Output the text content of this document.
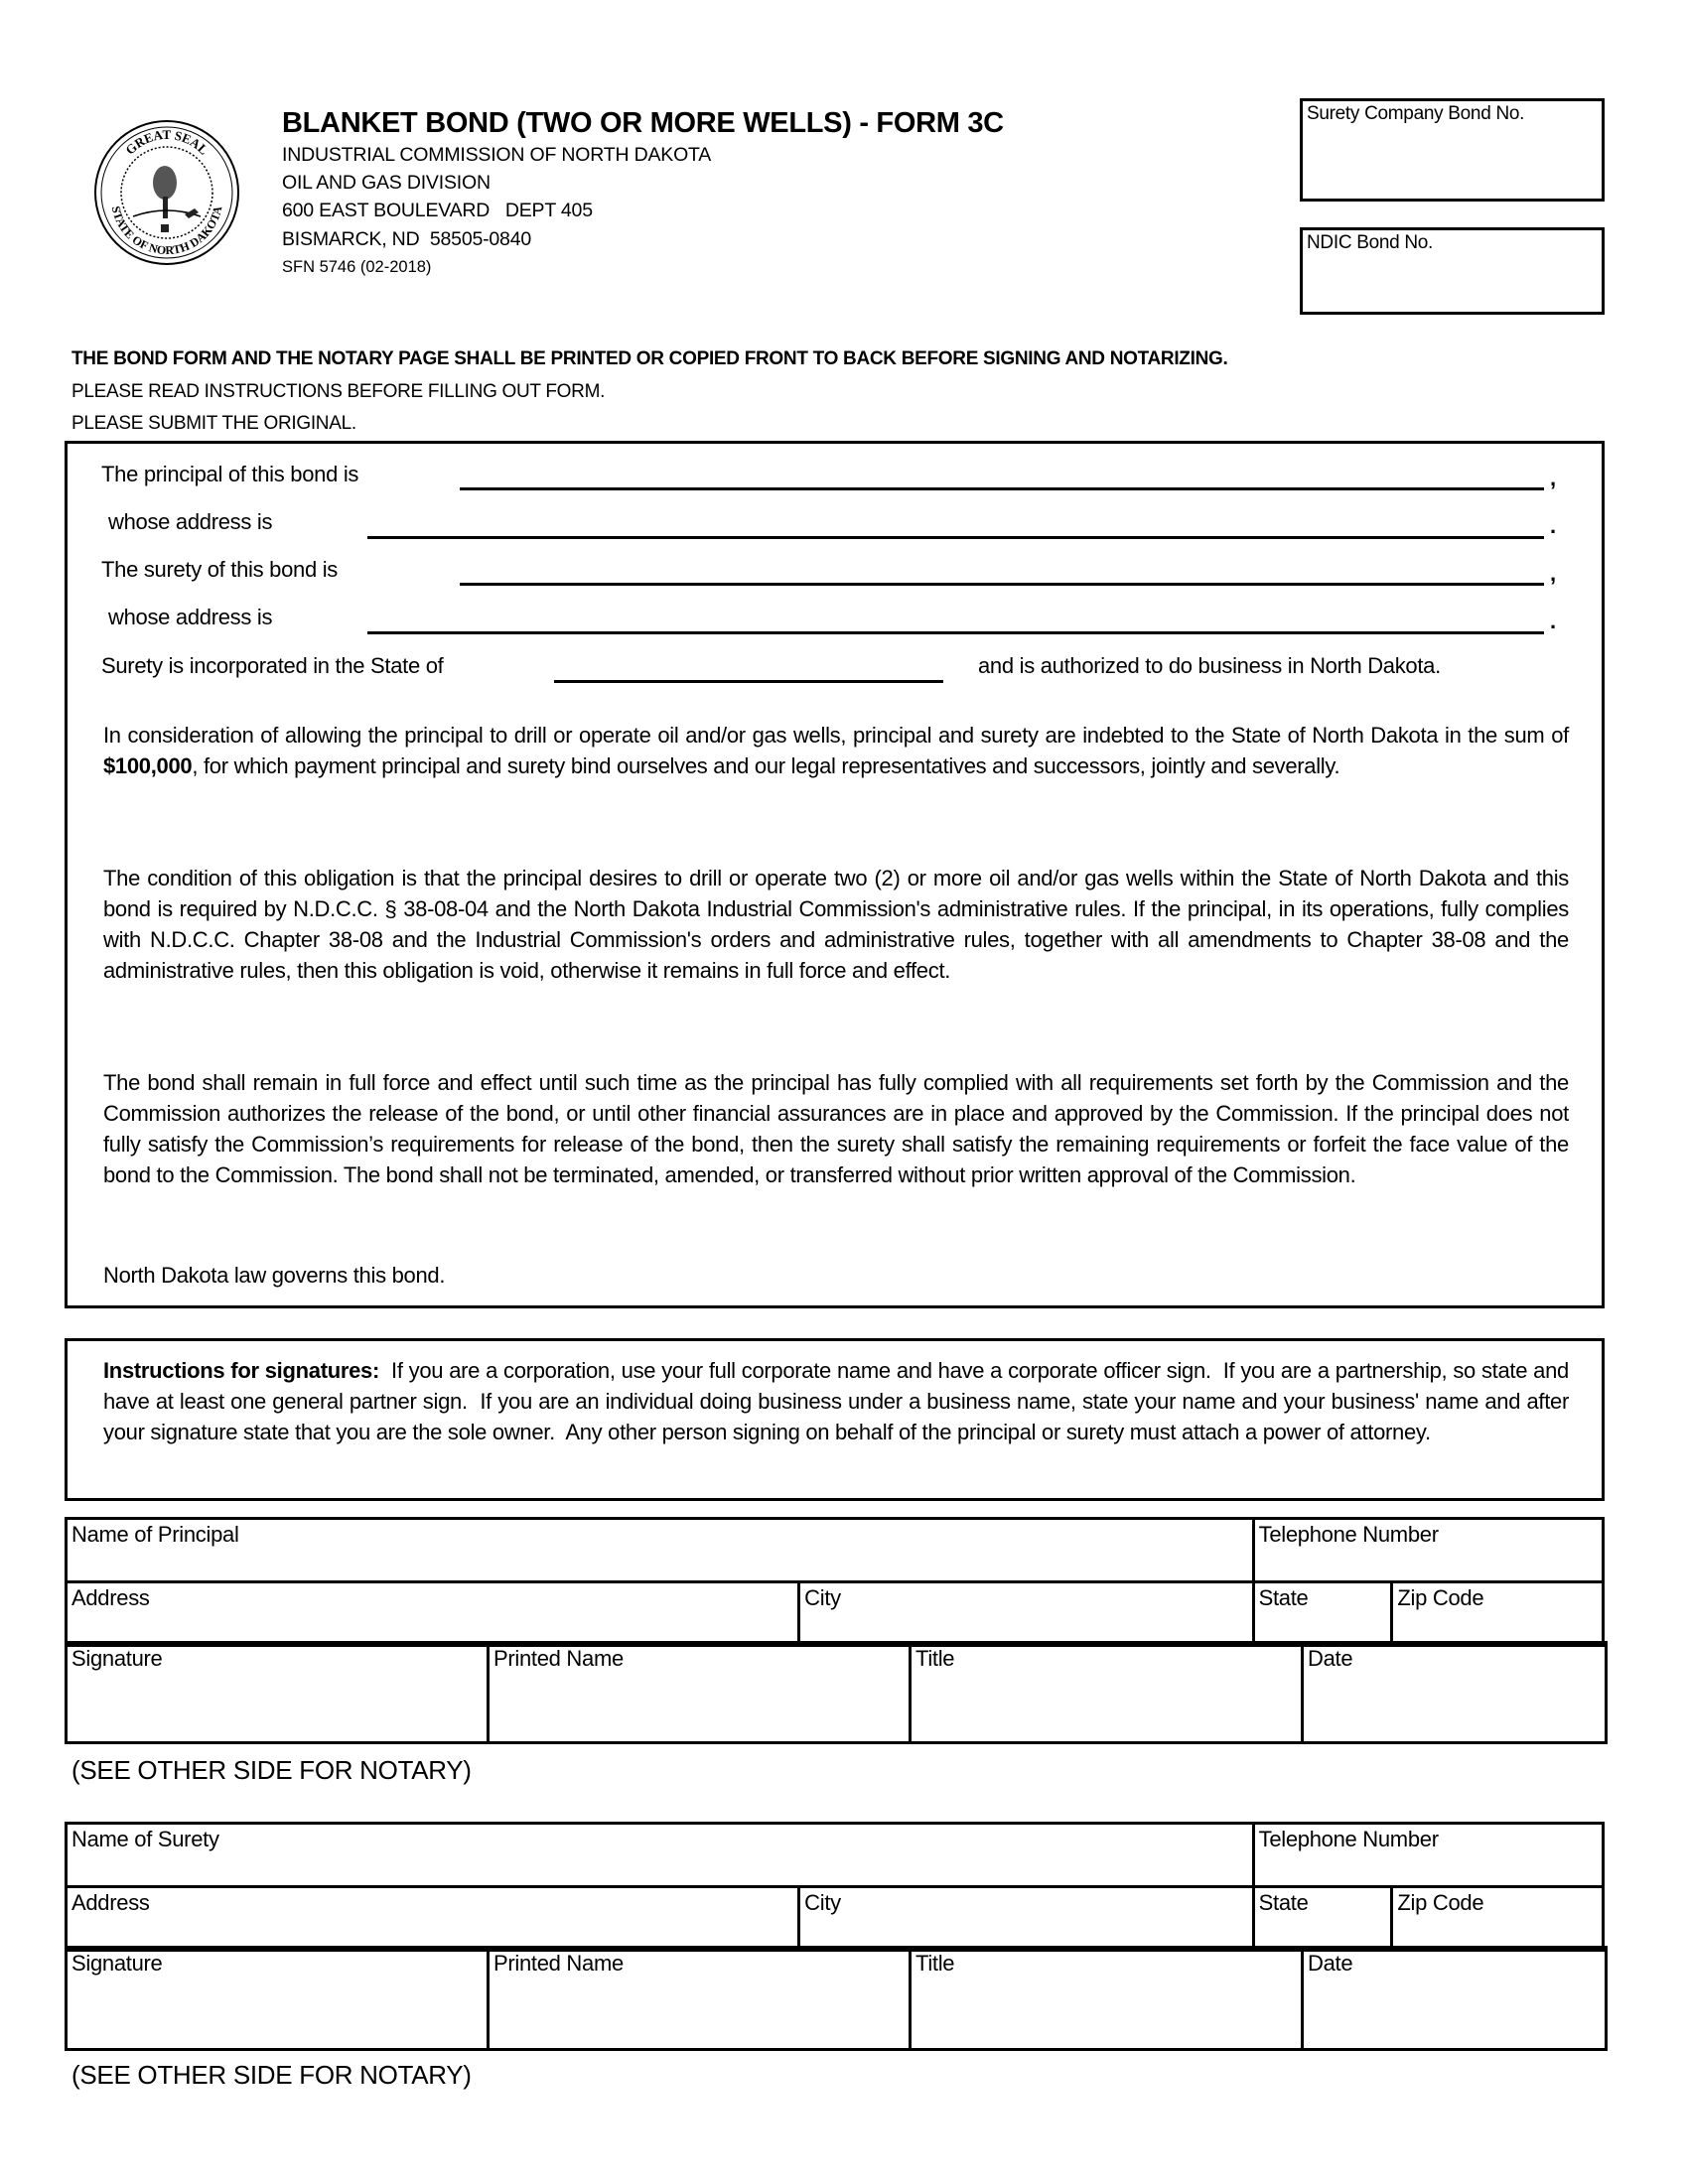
GREAT SEAL
STATE OF NORTH DAKOTA
BLANKET BOND (TWO OR MORE WELLS) - FORM 3C
INDUSTRIAL COMMISSION OF NORTH DAKOTA
OIL AND GAS DIVISION
600 EAST BOULEVARD   DEPT 405
BISMARCK, ND  58505-0840
SFN 5746 (02-2018)
Surety Company Bond No.
NDIC Bond No.
THE BOND FORM AND THE NOTARY PAGE SHALL BE PRINTED OR COPIED FRONT TO BACK BEFORE SIGNING AND NOTARIZING.
PLEASE READ INSTRUCTIONS BEFORE FILLING OUT FORM.
PLEASE SUBMIT THE ORIGINAL.
The principal of this bond is	,
whose address is	.
The surety of this bond is	,
whose address is	.
Surety is incorporated in the State of	and is authorized to do business in North Dakota.
In consideration of allowing the principal to drill or operate oil and/or gas wells, principal and surety are indebted to the State of North Dakota in the sum of $100,000, for which payment principal and surety bind ourselves and our legal representatives and successors, jointly and severally.
The condition of this obligation is that the principal desires to drill or operate two (2) or more oil and/or gas wells within the State of North Dakota and this bond is required by N.D.C.C. § 38-08-04 and the North Dakota Industrial Commission's administrative rules. If the principal, in its operations, fully complies with N.D.C.C. Chapter 38-08 and the Industrial Commission's orders and administrative rules, together with all amendments to Chapter 38-08 and the administrative rules, then this obligation is void, otherwise it remains in full force and effect.
The bond shall remain in full force and effect until such time as the principal has fully complied with all requirements set forth by the Commission and the Commission authorizes the release of the bond, or until other financial assurances are in place and approved by the Commission. If the principal does not fully satisfy the Commission’s requirements for release of the bond, then the surety shall satisfy the remaining requirements or forfeit the face value of the bond to the Commission. The bond shall not be terminated, amended, or transferred without prior written approval of the Commission.
North Dakota law governs this bond.
Instructions for signatures:  If you are a corporation, use your full corporate name and have a corporate officer sign.  If you are a partnership, so state and have at least one general partner sign.  If you are an individual doing business under a business name, state your name and your business' name and after your signature state that you are the sole owner.  Any other person signing on behalf of the principal or surety must attach a power of attorney.
Name of Principal		Telephone Number	
Address	City	State	Zip Code
Signature	Printed Name	Title	Date
(SEE OTHER SIDE FOR NOTARY)
Name of Surety		Telephone Number	
Address	City	State	Zip Code
Signature	Printed Name	Title	Date
(SEE OTHER SIDE FOR NOTARY)
